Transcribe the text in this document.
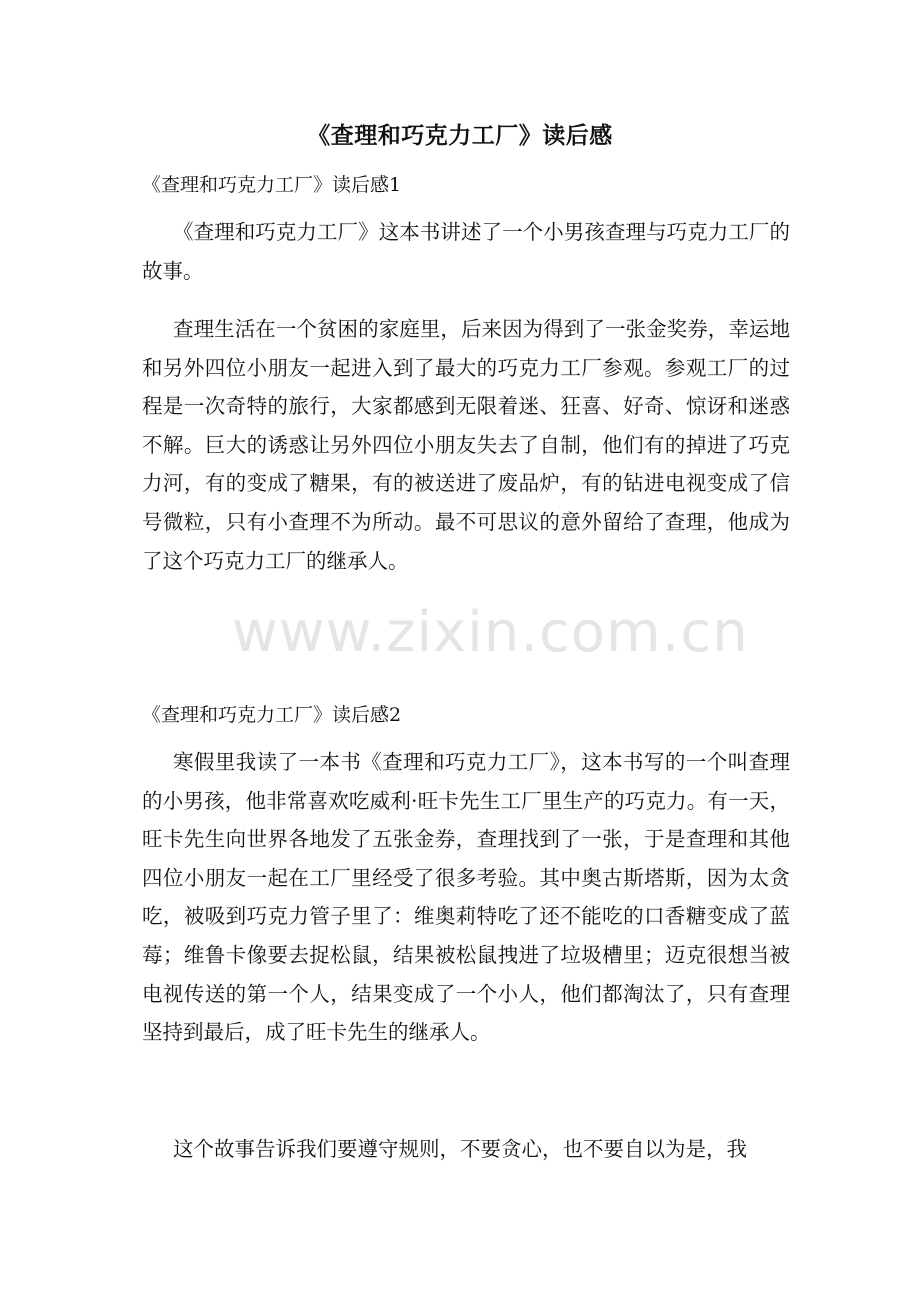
《查理和巧克力工厂》读后感
《查理和巧克力工厂》读后感1
《查理和巧克力工厂》这本书讲述了一个小男孩查理与巧克力工厂的故事。
查理生活在一个贫困的家庭里，后来因为得到了一张金奖券，幸运地和另外四位小朋友一起进入到了最大的巧克力工厂参观。参观工厂的过程是一次奇特的旅行，大家都感到无限着迷、狂喜、好奇、惊讶和迷惑不解。巨大的诱惑让另外四位小朋友失去了自制，他们有的掉进了巧克力河，有的变成了糖果，有的被送进了废品炉，有的钻进电视变成了信号微粒，只有小查理不为所动。最不可思议的意外留给了查理，他成为了这个巧克力工厂的继承人。
《查理和巧克力工厂》读后感2
寒假里我读了一本书《查理和巧克力工厂》，这本书写的一个叫查理的小男孩，他非常喜欢吃威利·旺卡先生工厂里生产的巧克力。有一天，旺卡先生向世界各地发了五张金券，查理找到了一张，于是查理和其他四位小朋友一起在工厂里经受了很多考验。其中奥古斯塔斯，因为太贪吃，被吸到巧克力管子里了：维奥莉特吃了还不能吃的口香糖变成了蓝莓；维鲁卡像要去捉松鼠，结果被松鼠拽进了垃圾槽里；迈克很想当被电视传送的第一个人，结果变成了一个小人，他们都淘汰了，只有查理坚持到最后，成了旺卡先生的继承人。
这个故事告诉我们要遵守规则，不要贪心，也不要自以为是，我
www.zixin.com.cn
